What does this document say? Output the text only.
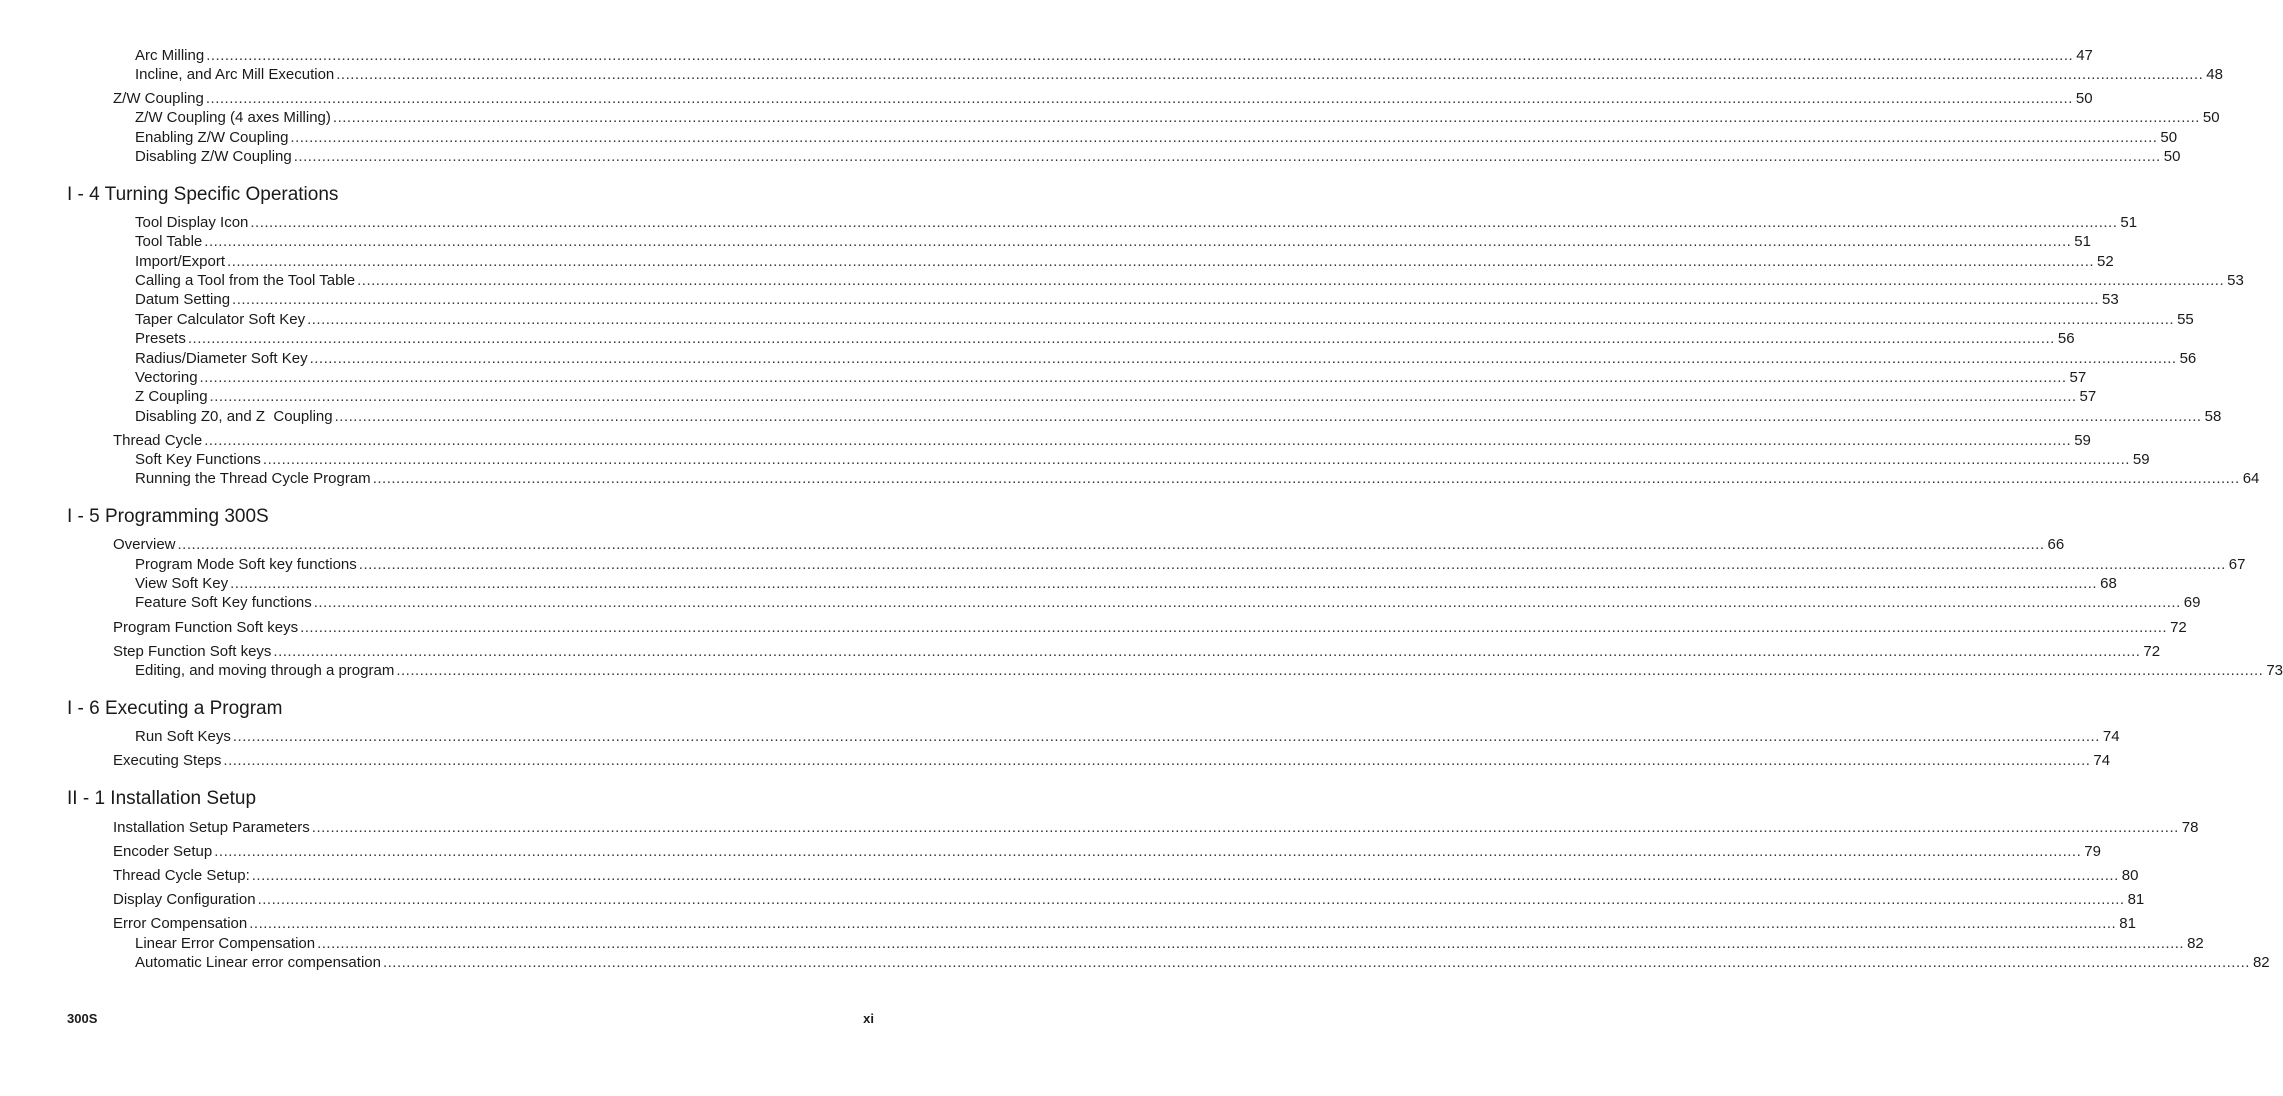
Arc Milling ................................................................................................................................................................................................................................................................................................................................................................................................................ 47
Incline, and Arc Mill Execution ................................................................................................................................................................................................................................................................................................................................................................................................................ 48
Z/W Coupling ................................................................................................................................................................................................................................................................................................................................................................................................................ 50
Z/W Coupling (4 axes Milling) ................................................................................................................................................................................................................................................................................................................................................................................................................ 50
Enabling Z/W Coupling ................................................................................................................................................................................................................................................................................................................................................................................................................ 50
Disabling Z/W Coupling ................................................................................................................................................................................................................................................................................................................................................................................................................ 50
I - 4 Turning Specific Operations
Tool Display Icon ................................................................................................................................................................................................................................................................................................................................................................................................................ 51
Tool Table ................................................................................................................................................................................................................................................................................................................................................................................................................ 51
Import/Export ................................................................................................................................................................................................................................................................................................................................................................................................................ 52
Calling a Tool from the Tool Table ................................................................................................................................................................................................................................................................................................................................................................................................................ 53
Datum Setting ................................................................................................................................................................................................................................................................................................................................................................................................................ 53
Taper Calculator Soft Key ................................................................................................................................................................................................................................................................................................................................................................................................................ 55
Presets ................................................................................................................................................................................................................................................................................................................................................................................................................ 56
Radius/Diameter Soft Key ................................................................................................................................................................................................................................................................................................................................................................................................................ 56
Vectoring ................................................................................................................................................................................................................................................................................................................................................................................................................ 57
Z Coupling ................................................................................................................................................................................................................................................................................................................................................................................................................ 57
Disabling Z0, and Z  Coupling ................................................................................................................................................................................................................................................................................................................................................................................................................ 58
Thread Cycle ................................................................................................................................................................................................................................................................................................................................................................................................................ 59
Soft Key Functions ................................................................................................................................................................................................................................................................................................................................................................................................................ 59
Running the Thread Cycle Program ................................................................................................................................................................................................................................................................................................................................................................................................................ 64
I - 5 Programming 300S
Overview ................................................................................................................................................................................................................................................................................................................................................................................................................ 66
Program Mode Soft key functions ................................................................................................................................................................................................................................................................................................................................................................................................................ 67
View Soft Key ................................................................................................................................................................................................................................................................................................................................................................................................................ 68
Feature Soft Key functions ................................................................................................................................................................................................................................................................................................................................................................................................................ 69
Program Function Soft keys ................................................................................................................................................................................................................................................................................................................................................................................................................ 72
Step Function Soft keys ................................................................................................................................................................................................................................................................................................................................................................................................................ 72
Editing, and moving through a program ................................................................................................................................................................................................................................................................................................................................................................................................................ 73
I - 6 Executing a Program
Run Soft Keys ................................................................................................................................................................................................................................................................................................................................................................................................................ 74
Executing Steps ................................................................................................................................................................................................................................................................................................................................................................................................................ 74
II - 1 Installation Setup
Installation Setup Parameters ................................................................................................................................................................................................................................................................................................................................................................................................................ 78
Encoder Setup ................................................................................................................................................................................................................................................................................................................................................................................................................ 79
Thread Cycle Setup: ................................................................................................................................................................................................................................................................................................................................................................................................................ 80
Display Configuration ................................................................................................................................................................................................................................................................................................................................................................................................................ 81
Error Compensation ................................................................................................................................................................................................................................................................................................................................................................................................................ 81
Linear Error Compensation ................................................................................................................................................................................................................................................................................................................................................................................................................ 82
Automatic Linear error compensation ................................................................................................................................................................................................................................................................................................................................................................................................................ 82
300S	xi
